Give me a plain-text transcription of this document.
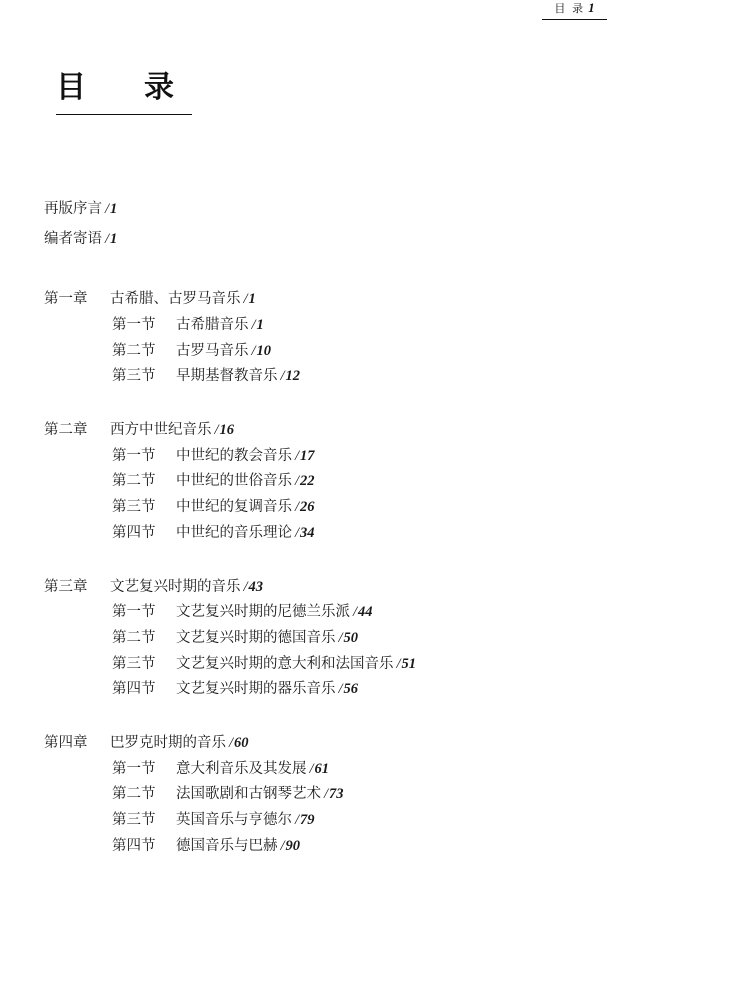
目 录 1
目　录
再版序言 /1
编者寄语 /1
第一章	古希腊、古罗马音乐 /1
第一节	古希腊音乐 /1
第二节	古罗马音乐 /10
第三节	早期基督教音乐 /12
第二章	西方中世纪音乐 /16
第一节	中世纪的教会音乐 /17
第二节	中世纪的世俗音乐 /22
第三节	中世纪的复调音乐 /26
第四节	中世纪的音乐理论 /34
第三章	文艺复兴时期的音乐 /43
第一节	文艺复兴时期的尼德兰乐派 /44
第二节	文艺复兴时期的德国音乐 /50
第三节	文艺复兴时期的意大利和法国音乐 /51
第四节	文艺复兴时期的器乐音乐 /56
第四章	巴罗克时期的音乐 /60
第一节	意大利音乐及其发展 /61
第二节	法国歌剧和古钢琴艺术 /73
第三节	英国音乐与亨德尔 /79
第四节	德国音乐与巴赫 /90
